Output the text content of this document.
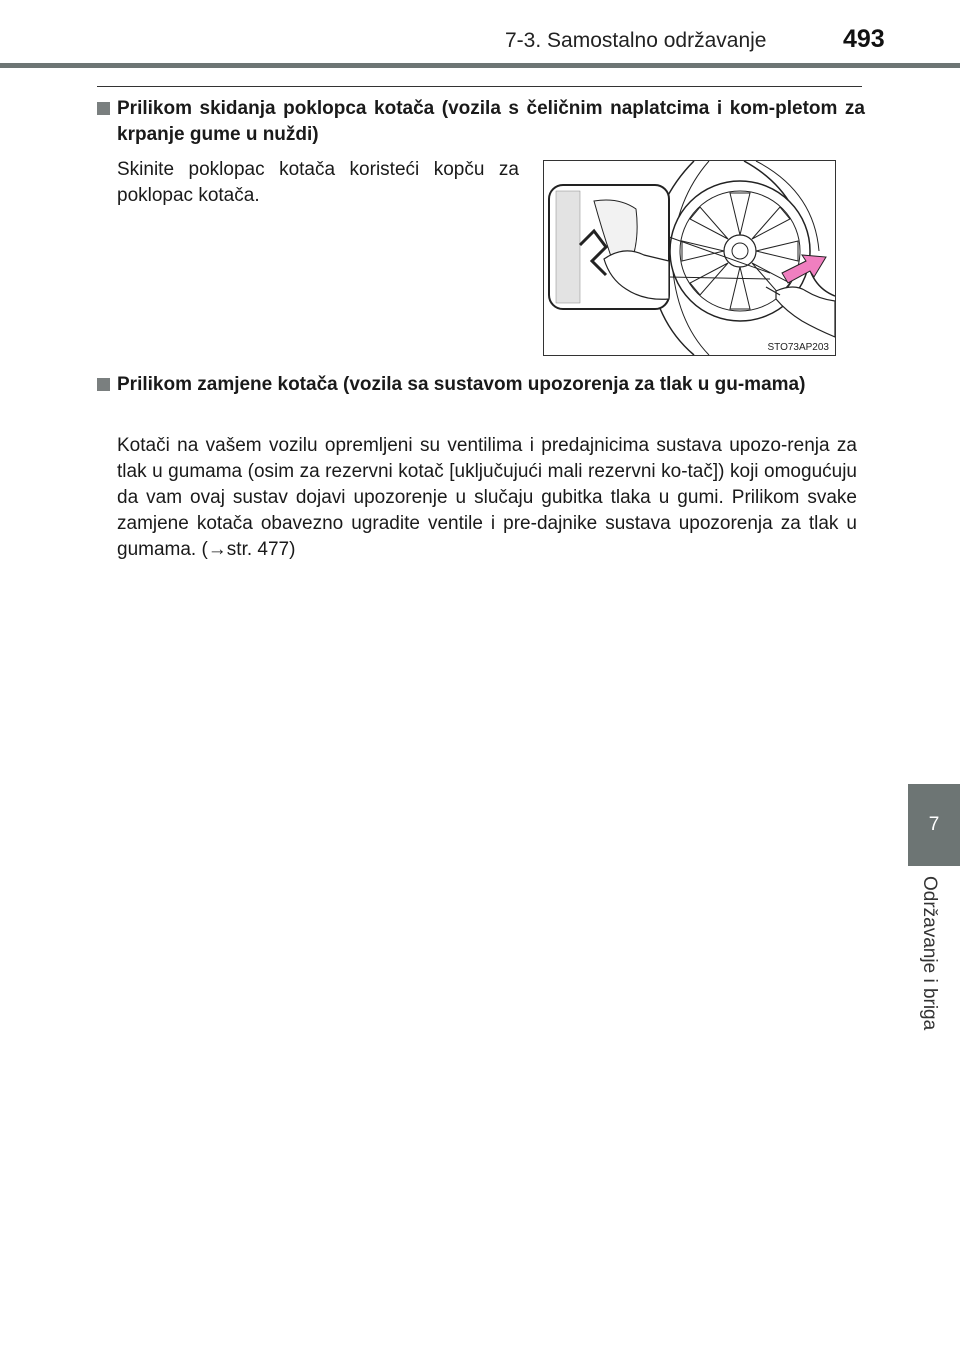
7-3. Samostalno održavanje	493
Prilikom skidanja poklopca kotača (vozila s čeličnim naplatcima i kom-pletom za krpanje gume u nuždi)
Skinite poklopac kotača koristeći kopču za poklopac kotača.
STO73AP203
Prilikom zamjene kotača (vozila sa sustavom upozorenja za tlak u gu-mama)
Kotači na vašem vozilu opremljeni su ventilima i predajnicima sustava upozo-renja za tlak u gumama (osim za rezervni kotač [uključujući mali rezervni ko-tač]) koji omogućuju da vam ovaj sustav dojavi upozorenje u slučaju gubitka tlaka u gumi. Prilikom svake zamjene kotača obavezno ugradite ventile i pre-dajnike sustava upozorenja za tlak u gumama. (→str. 477)
7
Održavanje i briga
